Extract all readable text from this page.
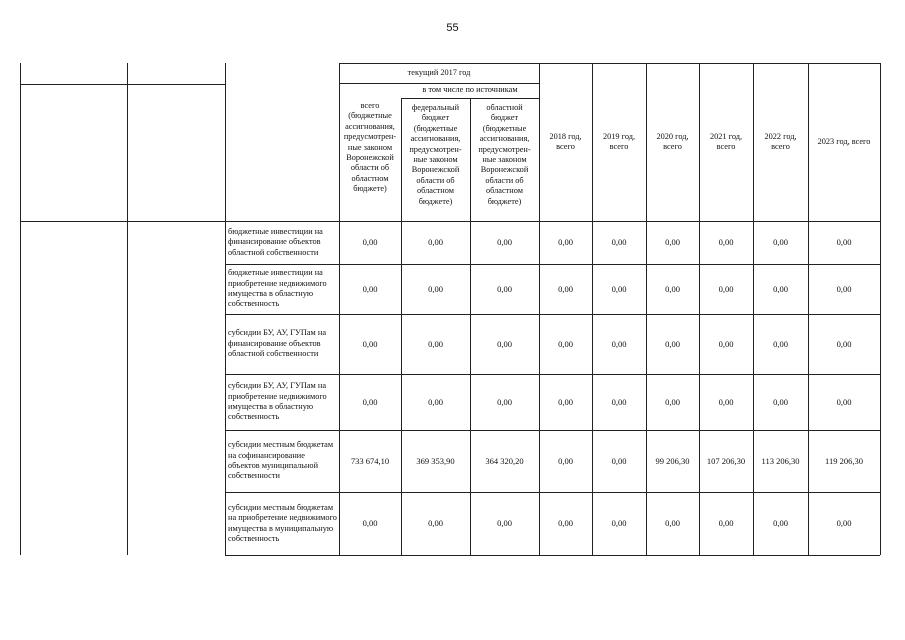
55
текущий 2017 год
в том числе по источникам
всего (бюджетные ассигнования, предусмотрен-ные законом Воронежской области об областном бюджете)
федеральный бюджет (бюджетные ассигнования, предусмотрен-ные законом Воронежской области об областном бюджете)
областной бюджет (бюджетные ассигнования, предусмотрен-ные законом Воронежской области об областном бюджете)
2018 год, всего
2019 год, всего
2020 год, всего
2021 год, всего
2022 год, всего
2023 год, всего
бюджетные инвестиции на финансирование объектов областной собственности
0,00	0,00	0,00	0,00	0,00	0,00	0,00	0,00	0,00
бюджетные инвестиции на приобретение недвижимого имущества в областную собственность
0,00	0,00	0,00	0,00	0,00	0,00	0,00	0,00	0,00
субсидии БУ, АУ, ГУПам на финансирование объектов областной собственности
0,00	0,00	0,00	0,00	0,00	0,00	0,00	0,00	0,00
субсидии БУ, АУ, ГУПам на приобретение недвижимого имущества в областную собственность
0,00	0,00	0,00	0,00	0,00	0,00	0,00	0,00	0,00
субсидии местным бюджетам на софинансирование объектов муниципальной собственности
733 674,10	369 353,90	364 320,20	0,00	0,00	99 206,30	107 206,30	113 206,30	119 206,30
субсидии местным бюджетам на приобретение недвижимого имущества в муниципальную собственность
0,00	0,00	0,00	0,00	0,00	0,00	0,00	0,00	0,00
